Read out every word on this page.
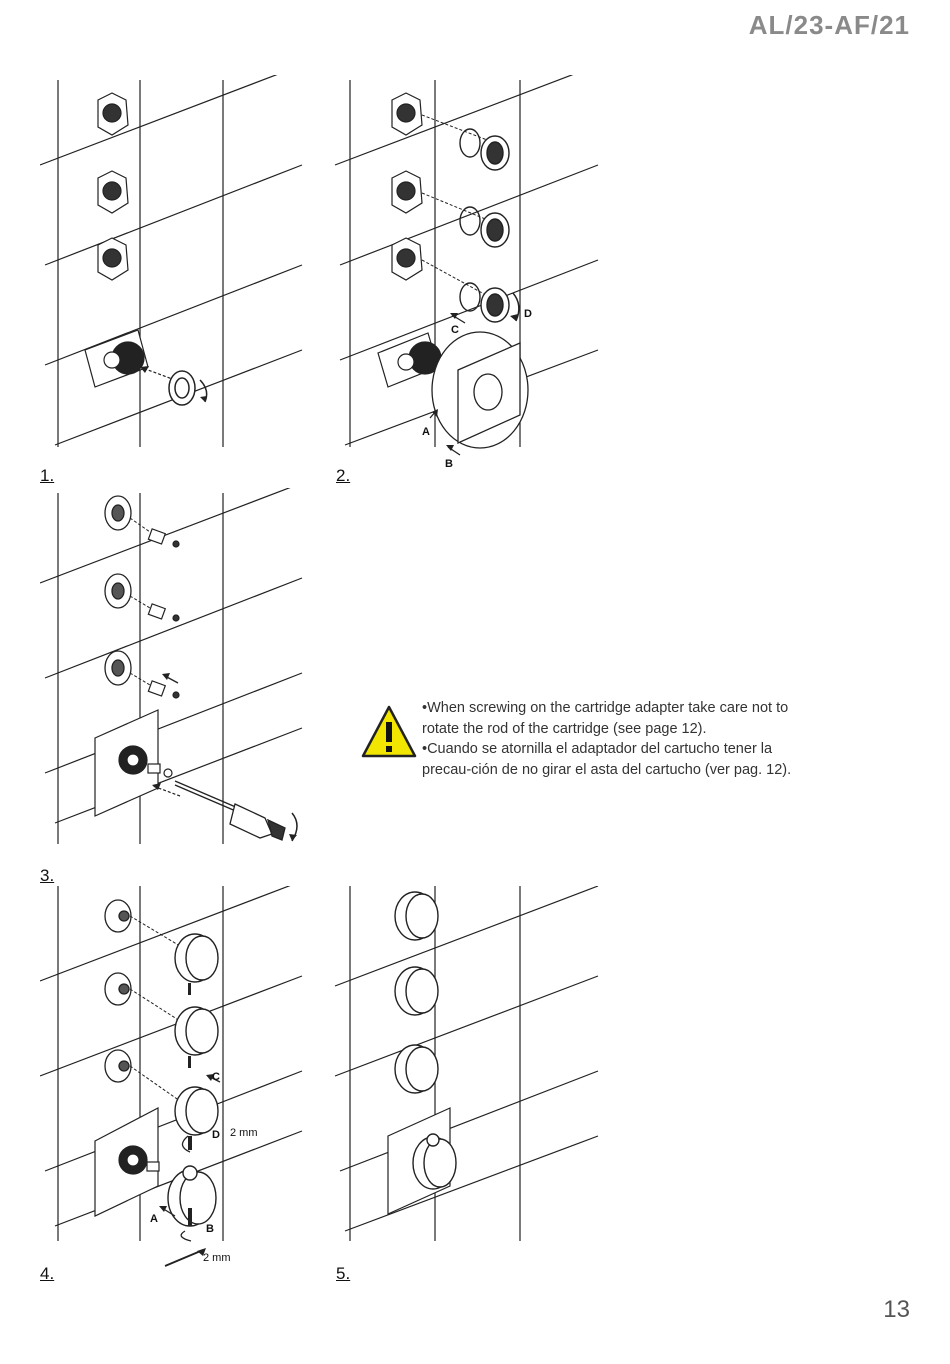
AL/23-AF/21
1.
C
D
A
B
2.
3.

•When screwing on the cartridge adapter take care not to

rotate the rod of the cartridge (see page 12).

•Cuando se atornilla el adaptador del cartucho tener la

precau-ción de no girar el asta del cartucho (ver pag. 12).

C
D 2 mm
A
B
2 mm
4.	5.
13
